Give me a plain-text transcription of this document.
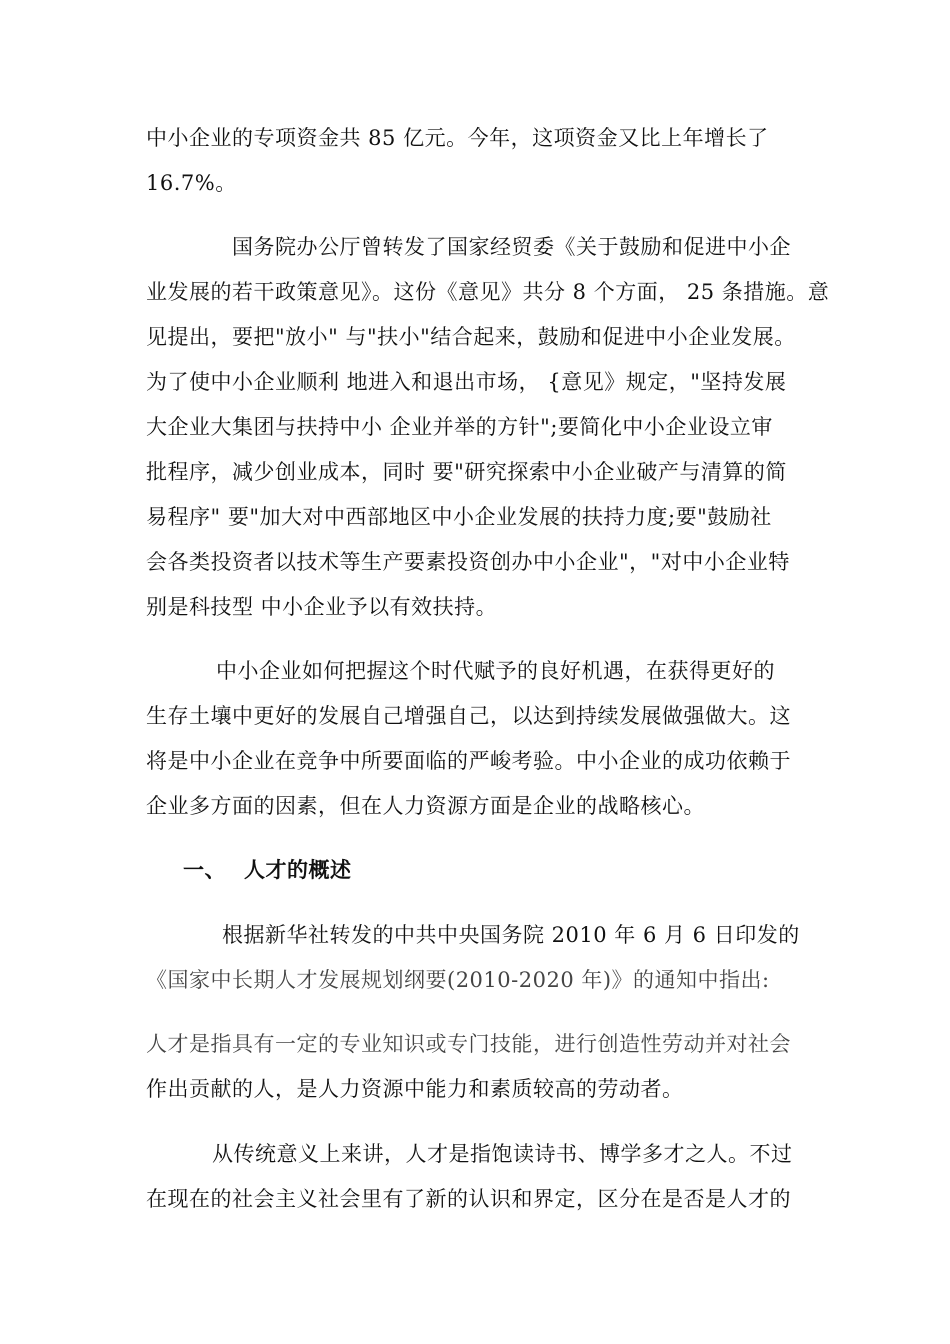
中小企业的专项资金共 85 亿元。今年，这项资金又比上年增长了

16.7%。

国务院办公厅曾转发了国家经贸委《关于鼓励和促进中小企

业发展的若干政策意见》。这份《意见》共分 8 个方面， 25 条措施。意

见提出，要把"放小" 与"扶小"结合起来，鼓励和促进中小企业发展。

为了使中小企业顺利 地进入和退出市场， {意见》规定，"坚持发展

大企业大集团与扶持中小 企业并举的方针";要简化中小企业设立审

批程序，减少创业成本，同时 要"研究探索中小企业破产与清算的简

易程序" 要"加大对中西部地区中小企业发展的扶持力度;要"鼓励社

会各类投资者以技术等生产要素投资创办中小企业"，"对中小企业特

别是科技型 中小企业予以有效扶持。

中小企业如何把握这个时代赋予的良好机遇，在获得更好的

生存土壤中更好的发展自己增强自己，以达到持续发展做强做大。这

将是中小企业在竞争中所要面临的严峻考验。中小企业的成功依赖于

企业多方面的因素，但在人力资源方面是企业的战略核心。

一、 人才的概述

根据新华社转发的中共中央国务院 2010 年 6 月 6 日印发的

《国家中长期人才发展规划纲要(2010-2020 年)》的通知中指出:

人才是指具有一定的专业知识或专门技能，进行创造性劳动并对社会

作出贡献的人，是人力资源中能力和素质较高的劳动者。

从传统意义上来讲，人才是指饱读诗书、博学多才之人。不过

在现在的社会主义社会里有了新的认识和界定，区分在是否是人才的
